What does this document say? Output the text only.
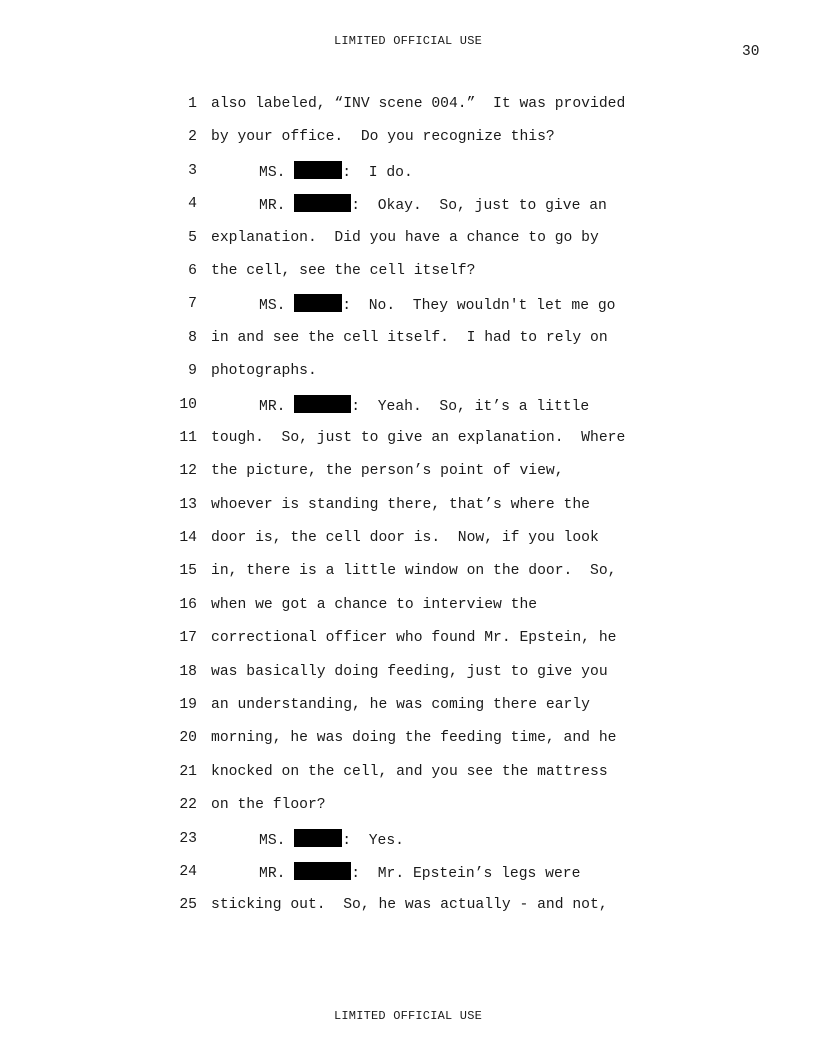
LIMITED OFFICIAL USE
30

1

also labeled, “INV scene 004.”  It was provided

2

by your office.  Do you recognize this?

3

	MS.	:  I do.

4

	MR.	:  Okay.  So, just to give an

5

explanation.  Did you have a chance to go by

6

the cell, see the cell itself?

7

	MS.	:  No.  They wouldn't let me go

8

in and see the cell itself.  I had to rely on

9

photographs.

10

	MR.	:  Yeah.  So, it’s a little

11

tough.  So, just to give an explanation.  Where

12

the picture, the person’s point of view,

13

whoever is standing there, that’s where the

14

door is, the cell door is.  Now, if you look

15

in, there is a little window on the door.  So,

16

when we got a chance to interview the

17

correctional officer who found Mr. Epstein, he

18

was basically doing feeding, just to give you

19

an understanding, he was coming there early

20

morning, he was doing the feeding time, and he

21

knocked on the cell, and you see the mattress

22

on the floor?

23

	MS.	:  Yes.

24

	MR.	:  Mr. Epstein’s legs were

25

sticking out.  So, he was actually - and not,

LIMITED OFFICIAL USE
